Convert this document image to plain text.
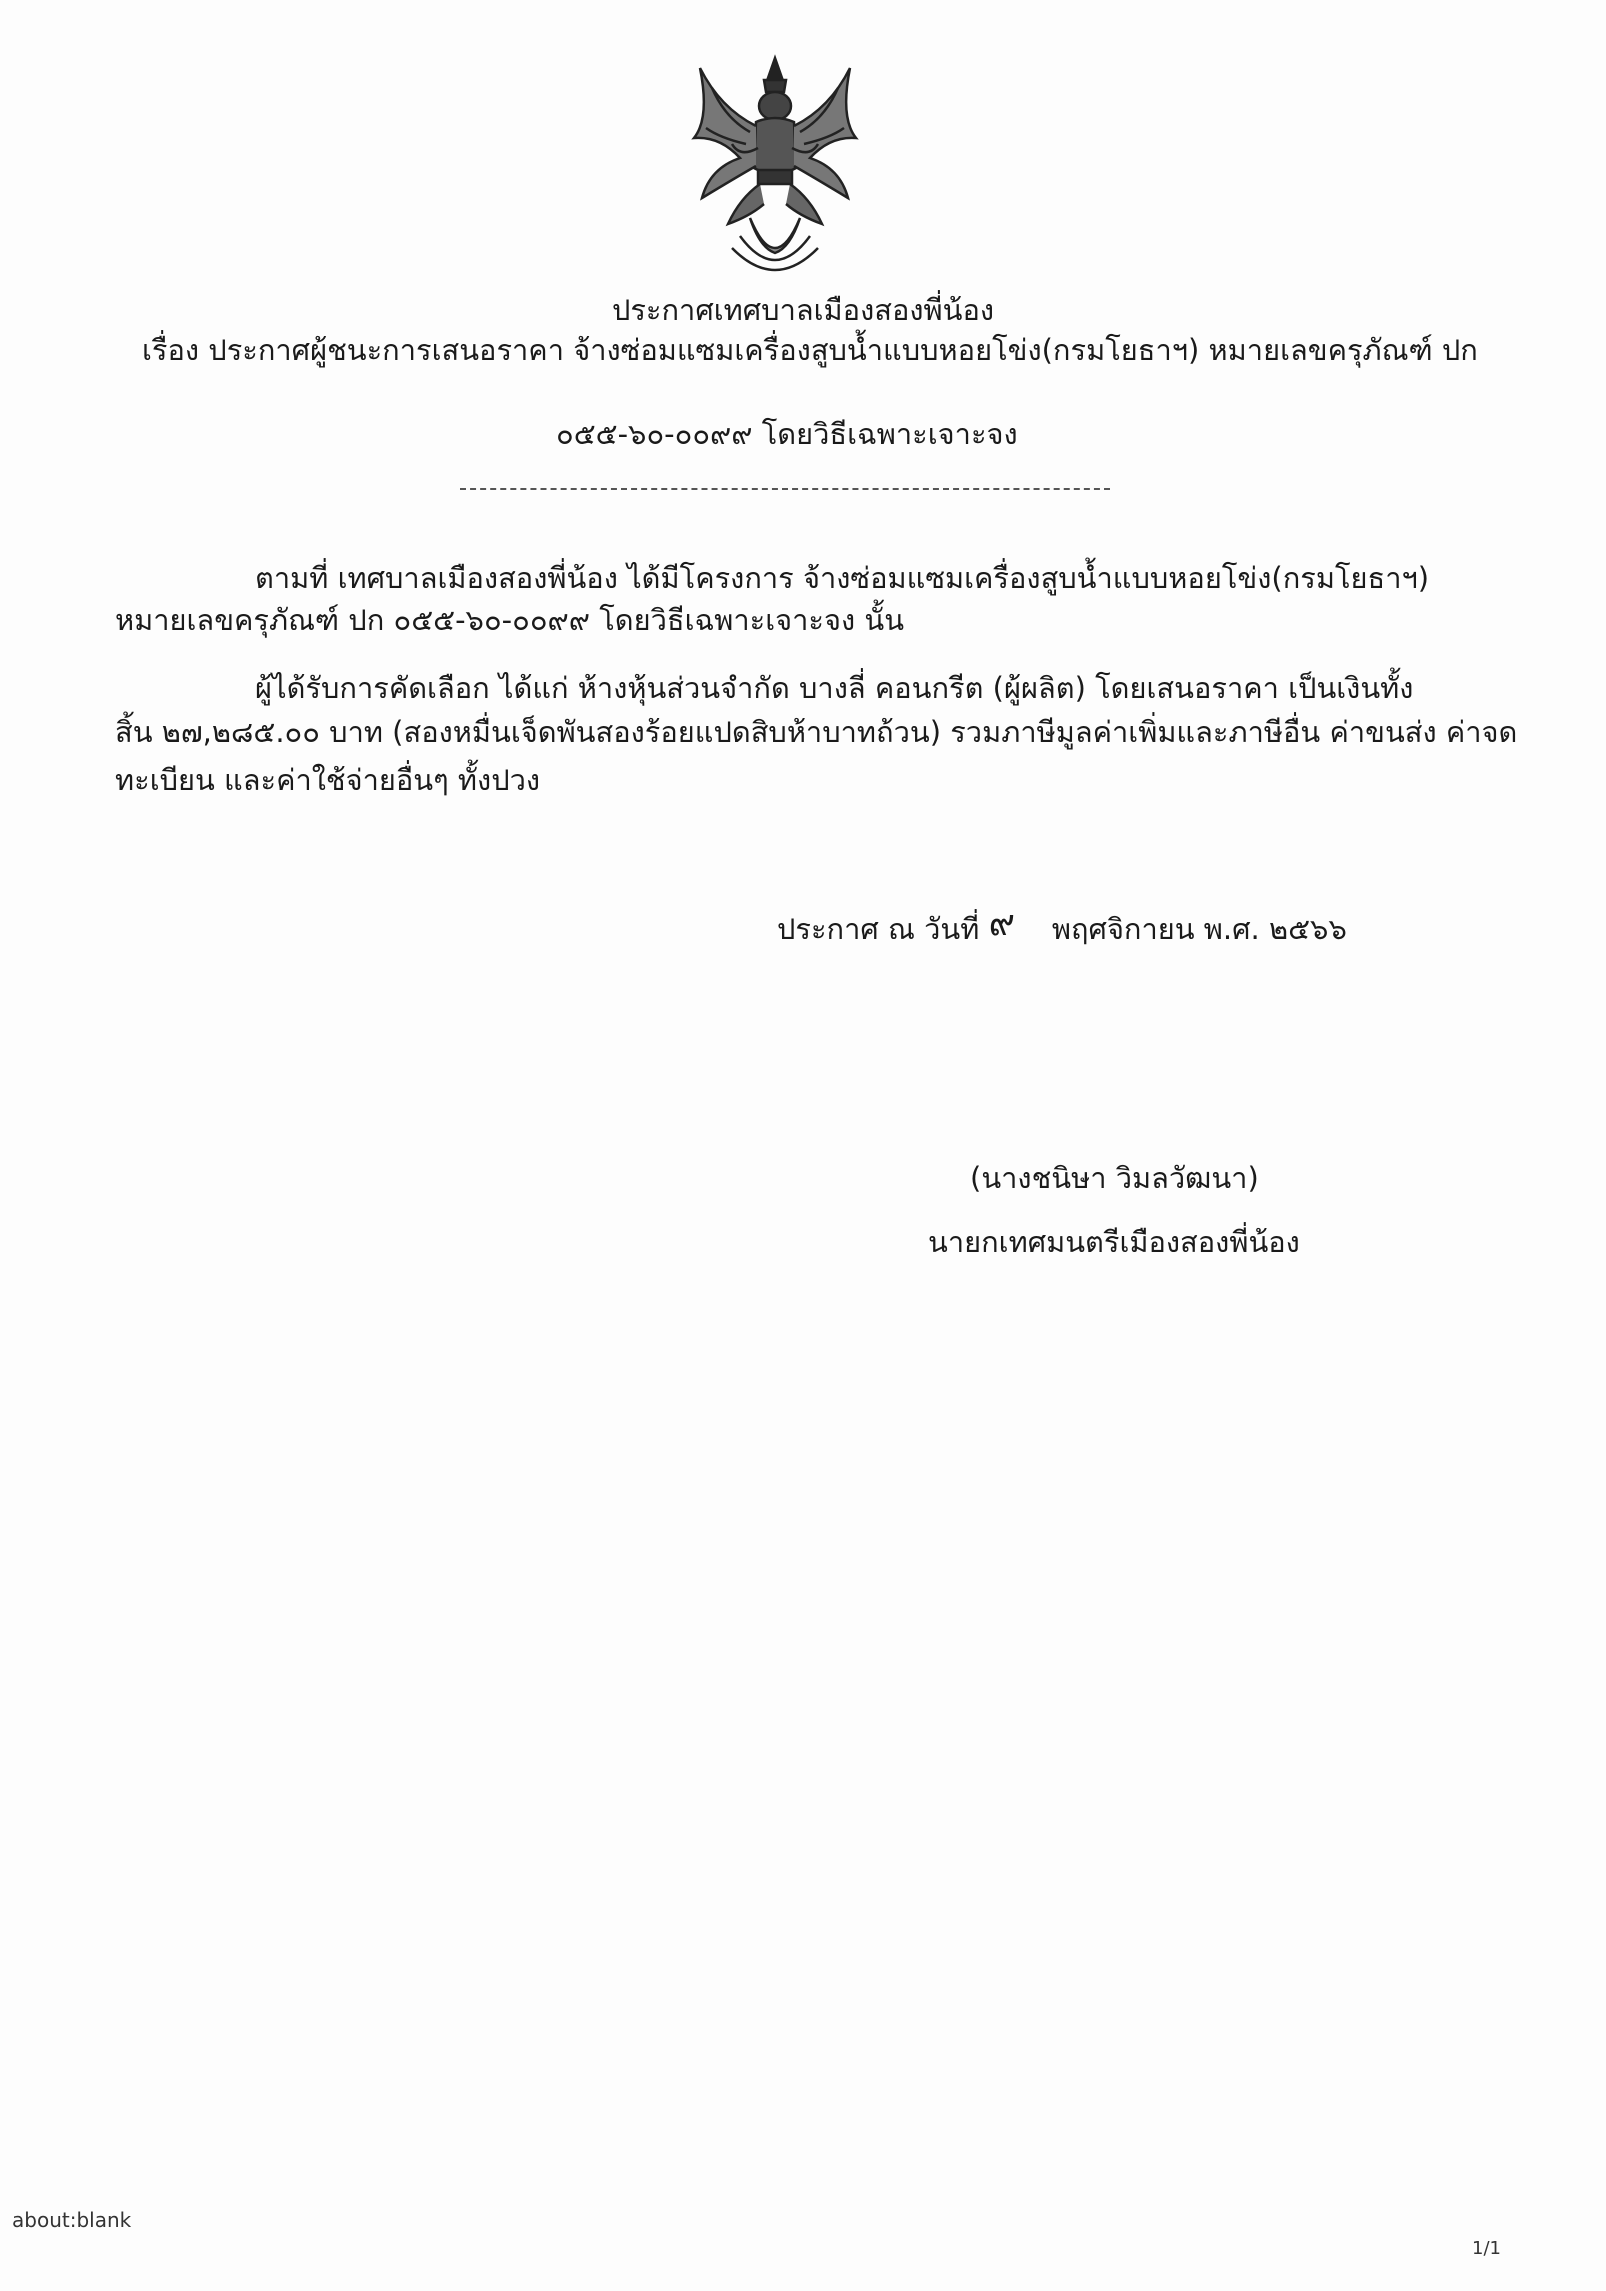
ประกาศเทศบาลเมืองสองพี่น้อง
เรื่อง ประกาศผู้ชนะการเสนอราคา จ้างซ่อมแซมเครื่องสูบน้ำแบบหอยโข่ง(กรมโยธาฯ) หมายเลขครุภัณฑ์ ปก
๐๕๕-๖๐-๐๐๙๙ โดยวิธีเฉพาะเจาะจง
ตามที่ เทศบาลเมืองสองพี่น้อง ได้มีโครงการ จ้างซ่อมแซมเครื่องสูบน้ำแบบหอยโข่ง(กรมโยธาฯ)
หมายเลขครุภัณฑ์ ปก ๐๕๕-๖๐-๐๐๙๙ โดยวิธีเฉพาะเจาะจง นั้น
ผู้ได้รับการคัดเลือก ได้แก่ ห้างหุ้นส่วนจำกัด บางลี่ คอนกรีต (ผู้ผลิต) โดยเสนอราคา เป็นเงินทั้ง
สิ้น ๒๗,๒๘๕.๐๐ บาท (สองหมื่นเจ็ดพันสองร้อยแปดสิบห้าบาทถ้วน) รวมภาษีมูลค่าเพิ่มและภาษีอื่น ค่าขนส่ง ค่าจด
ทะเบียน และค่าใช้จ่ายอื่นๆ ทั้งปวง
ประกาศ ณ วันที่ ๙ พฤศจิกายน พ.ศ. ๒๕๖๖
(นางชนิษา วิมลวัฒนา)
นายกเทศมนตรีเมืองสองพี่น้อง
about:blank
1/1
